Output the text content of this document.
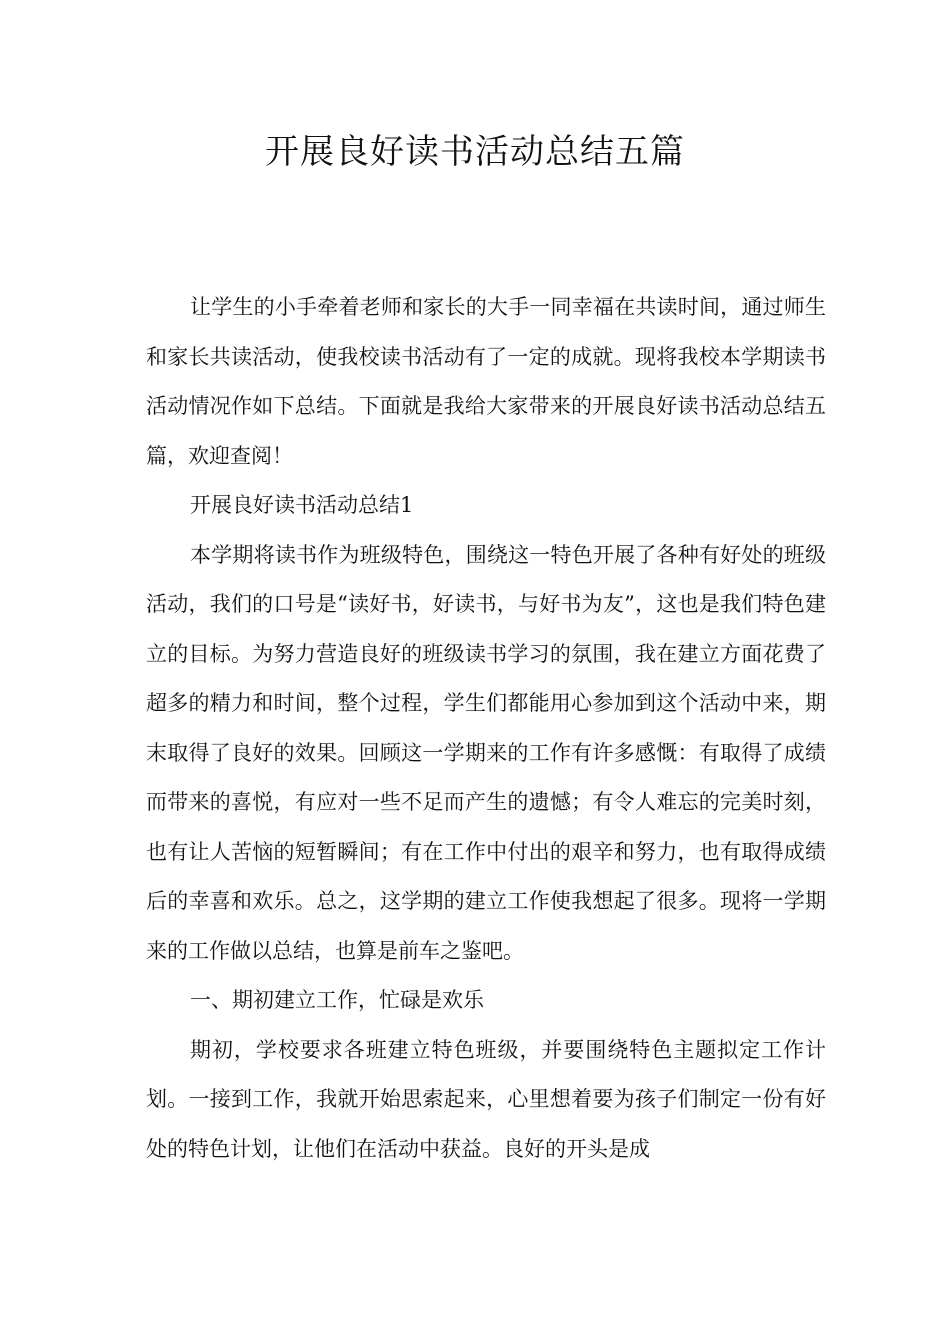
开展良好读书活动总结五篇

让学生的小手牵着老师和家长的大手一同幸福在共读时间，通过师生和家长共读活动，使我校读书活动有了一定的成就。现将我校本学期读书活动情况作如下总结。下面就是我给大家带来的开展良好读书活动总结五篇，欢迎查阅！

开展良好读书活动总结1

本学期将读书作为班级特色，围绕这一特色开展了各种有好处的班级活动，我们的口号是“读好书，好读书，与好书为友”，这也是我们特色建立的目标。为努力营造良好的班级读书学习的氛围，我在建立方面花费了超多的精力和时间，整个过程，学生们都能用心参加到这个活动中来，期末取得了良好的效果。回顾这一学期来的工作有许多感慨：有取得了成绩而带来的喜悦，有应对一些不足而产生的遗憾；有令人难忘的完美时刻，也有让人苦恼的短暂瞬间；有在工作中付出的艰辛和努力，也有取得成绩后的幸喜和欢乐。总之，这学期的建立工作使我想起了很多。现将一学期来的工作做以总结，也算是前车之鉴吧。

一、期初建立工作，忙碌是欢乐

期初，学校要求各班建立特色班级，并要围绕特色主题拟定工作计划。一接到工作，我就开始思索起来，心里想着要为孩子们制定一份有好处的特色计划，让他们在活动中获益。良好的开头是成
